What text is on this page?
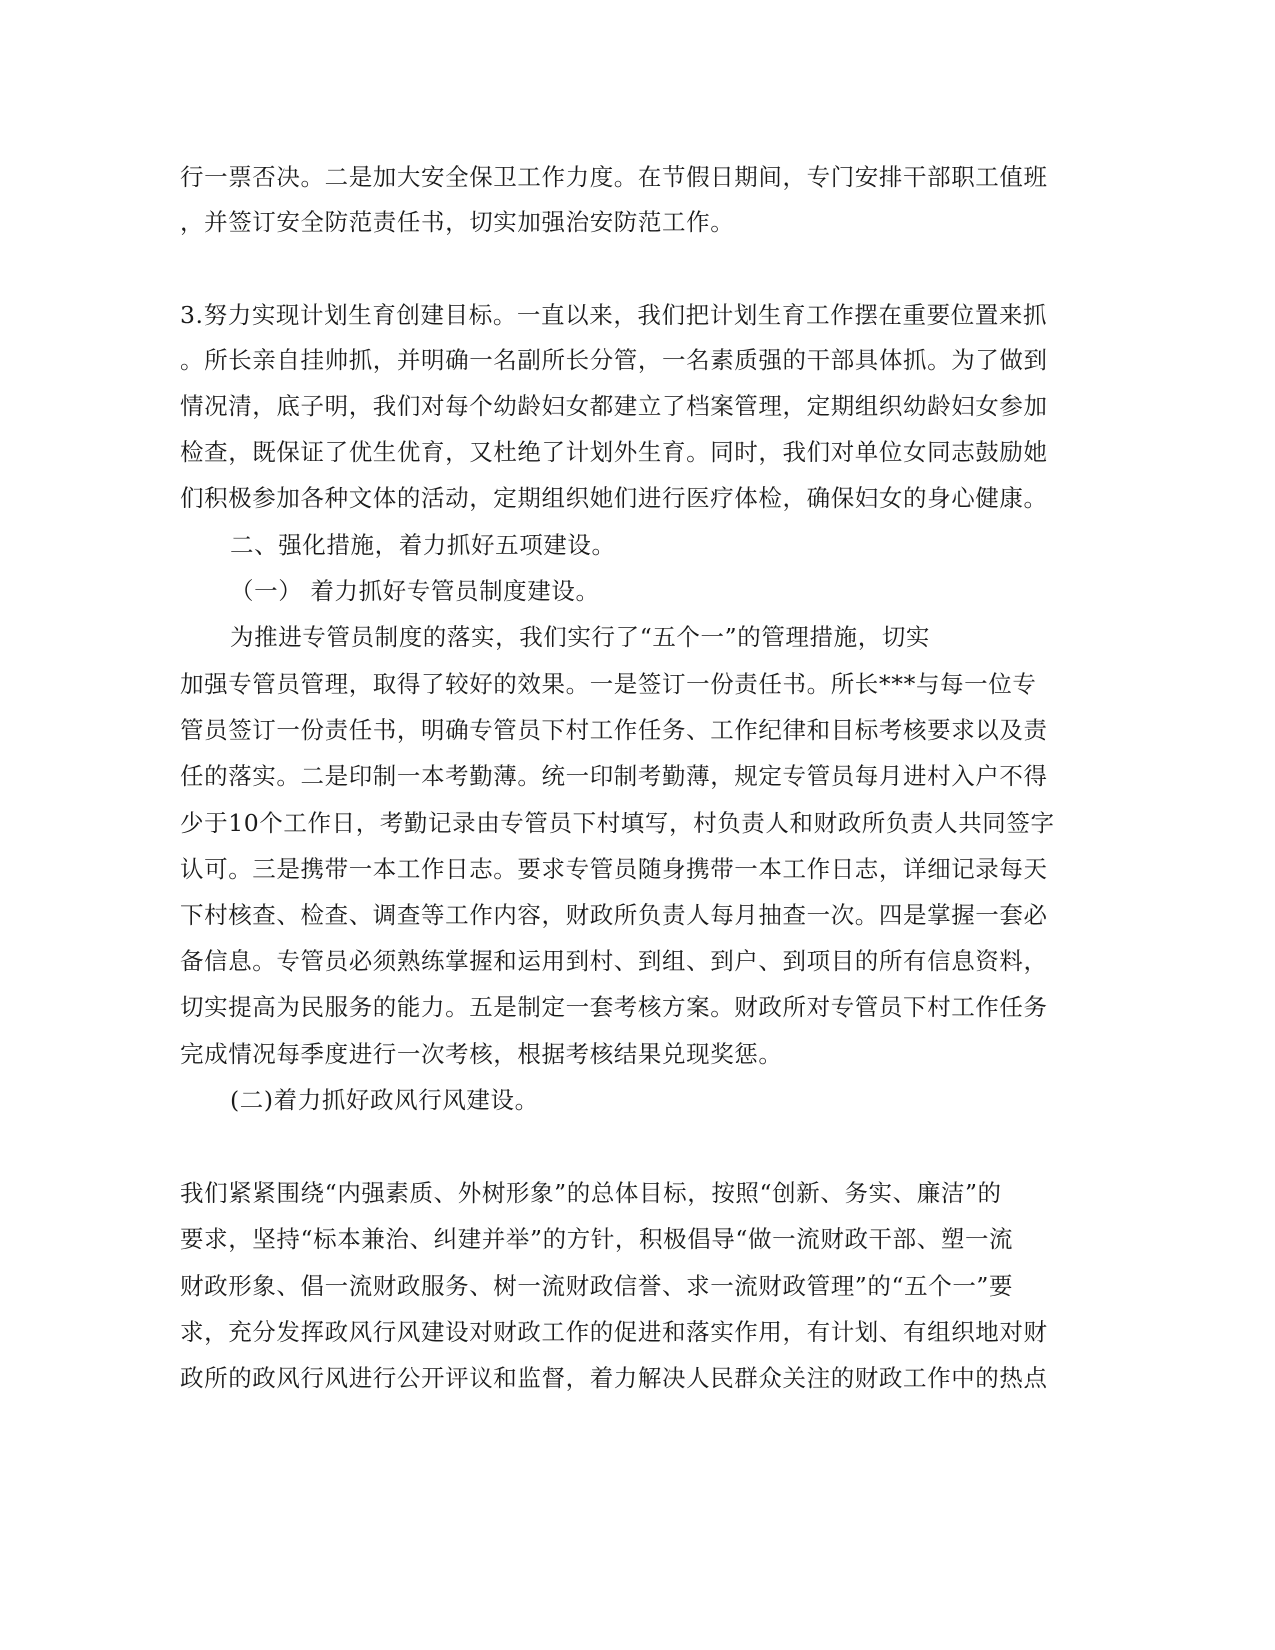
行一票否决。二是加大安全保卫工作力度。在节假日期间，专门安排干部职工值班
，并签订安全防范责任书，切实加强治安防范工作。
3.努力实现计划生育创建目标。一直以来，我们把计划生育工作摆在重要位置来抓
。所长亲自挂帅抓，并明确一名副所长分管，一名素质强的干部具体抓。为了做到
情况清，底子明，我们对每个幼龄妇女都建立了档案管理，定期组织幼龄妇女参加
检查，既保证了优生优育，又杜绝了计划外生育。同时，我们对单位女同志鼓励她
们积极参加各种文体的活动，定期组织她们进行医疗体检，确保妇女的身心健康。
二、强化措施，着力抓好五项建设。
（一） 着力抓好专管员制度建设。
为推进专管员制度的落实，我们实行了“五个一”的管理措施，切实
加强专管员管理，取得了较好的效果。一是签订一份责任书。所长***与每一位专
管员签订一份责任书，明确专管员下村工作任务、工作纪律和目标考核要求以及责
任的落实。二是印制一本考勤薄。统一印制考勤薄，规定专管员每月进村入户不得
少于10个工作日，考勤记录由专管员下村填写，村负责人和财政所负责人共同签字
认可。三是携带一本工作日志。要求专管员随身携带一本工作日志，详细记录每天
下村核查、检查、调查等工作内容，财政所负责人每月抽查一次。四是掌握一套必
备信息。专管员必须熟练掌握和运用到村、到组、到户、到项目的所有信息资料，
切实提高为民服务的能力。五是制定一套考核方案。财政所对专管员下村工作任务
完成情况每季度进行一次考核，根据考核结果兑现奖惩。
(二)着力抓好政风行风建设。
我们紧紧围绕“内强素质、外树形象”的总体目标，按照“创新、务实、廉洁”的
要求，坚持“标本兼治、纠建并举”的方针，积极倡导“做一流财政干部、塑一流
财政形象、倡一流财政服务、树一流财政信誉、求一流财政管理”的“五个一”要
求，充分发挥政风行风建设对财政工作的促进和落实作用，有计划、有组织地对财
政所的政风行风进行公开评议和监督，着力解决人民群众关注的财政工作中的热点
